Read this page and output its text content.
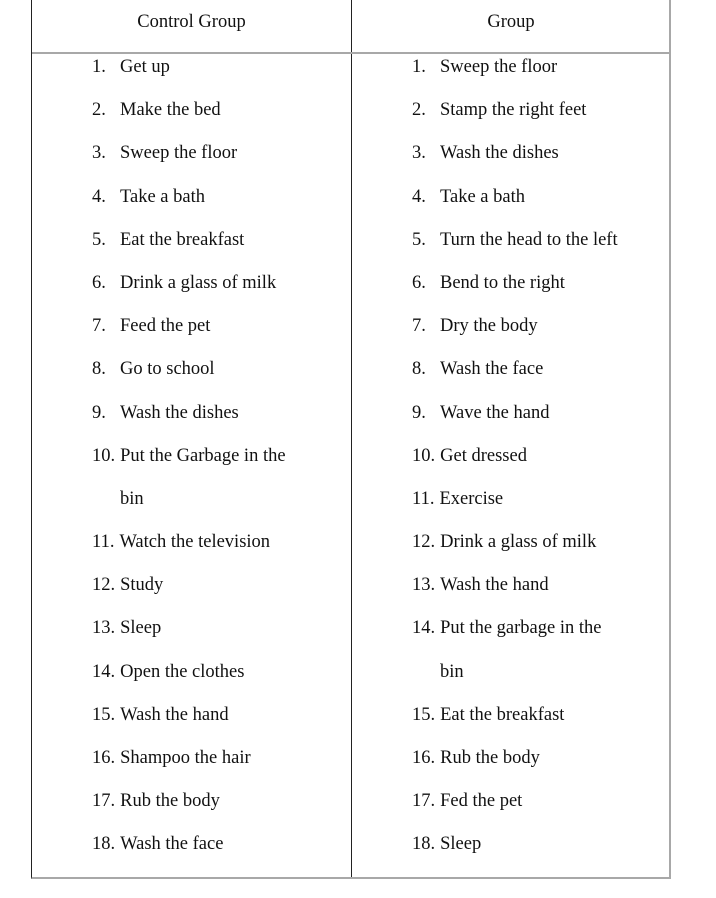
Control Group	Group
1. Get up
2. Make the bed
3. Sweep the floor
4. Take a bath
5. Eat the breakfast
6. Drink a glass of milk
7. Feed the pet
8. Go to school
9. Wash the dishes
10. Put the Garbage in the
bin
11. Watch the television
12. Study
13. Sleep
14. Open the clothes
15. Wash the hand
16. Shampoo the hair
17. Rub the body
18. Wash the face
1. Sweep the floor
2. Stamp the right feet
3. Wash the dishes
4. Take a bath
5. Turn the head to the left
6. Bend to the right
7. Dry the body
8. Wash the face
9. Wave the hand
10. Get dressed
11. Exercise
12. Drink a glass of milk
13. Wash the hand
14. Put the garbage in the
bin
15. Eat the breakfast
16. Rub the body
17. Fed the pet
18. Sleep
